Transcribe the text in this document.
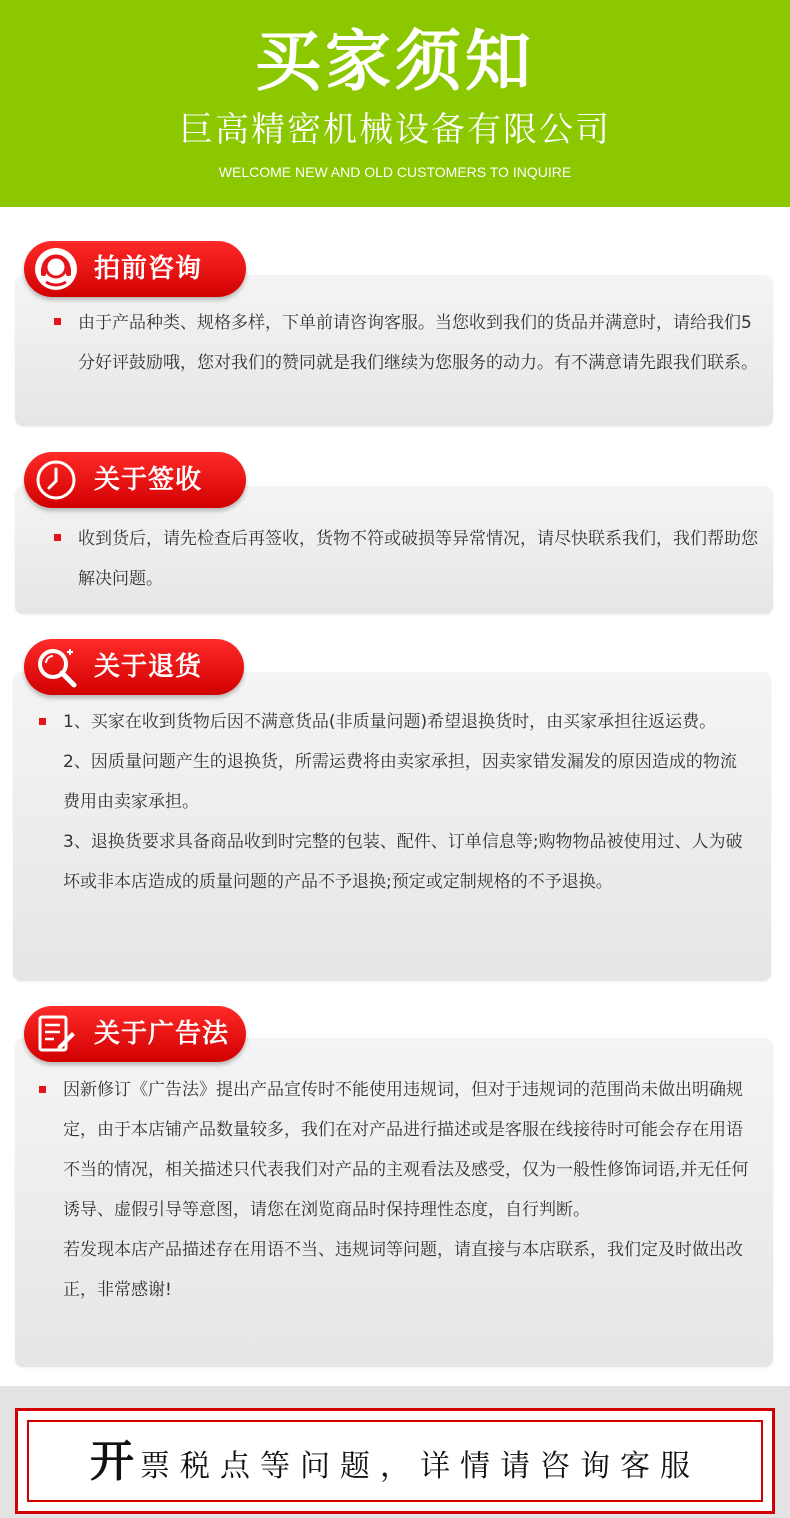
买家须知
巨高精密机械设备有限公司
WELCOME NEW AND OLD CUSTOMERS TO INQUIRE

由于产品种类、规格多样，下单前请咨询客服。当您收到我们的货品并满意时，请给我们5分好评鼓励哦，您对我们的赞同就是我们继续为您服务的动力。有不满意请先跟我们联系。

拍前咨询

收到货后，请先检查后再签收，货物不符或破损等异常情况，请尽快联系我们，我们帮助您解决问题。

关于签收

1、买家在收到货物后因不满意货品(非质量问题)希望退换货时，由买家承担往返运费。

2、因质量问题产生的退换货，所需运费将由卖家承担，因卖家错发漏发的原因造成的物流费用由卖家承担。

3、退换货要求具备商品收到时完整的包装、配件、订单信息等;购物物品被使用过、人为破坏或非本店造成的质量问题的产品不予退换;预定或定制规格的不予退换。

关于退货

因新修订《广告法》提出产品宣传时不能使用违规词，但对于违规词的范围尚未做出明确规定，由于本店铺产品数量较多，我们在对产品进行描述或是客服在线接待时可能会存在用语不当的情况，相关描述只代表我们对产品的主观看法及感受，仅为一般性修饰词语,并无任何诱导、虚假引导等意图，请您在浏览商品时保持理性态度，自行判断。

若发现本店产品描述存在用语不当、违规词等问题，请直接与本店联系，我们定及时做出改正，非常感谢!

关于广告法
开票税点等问题，详情请咨询客服
